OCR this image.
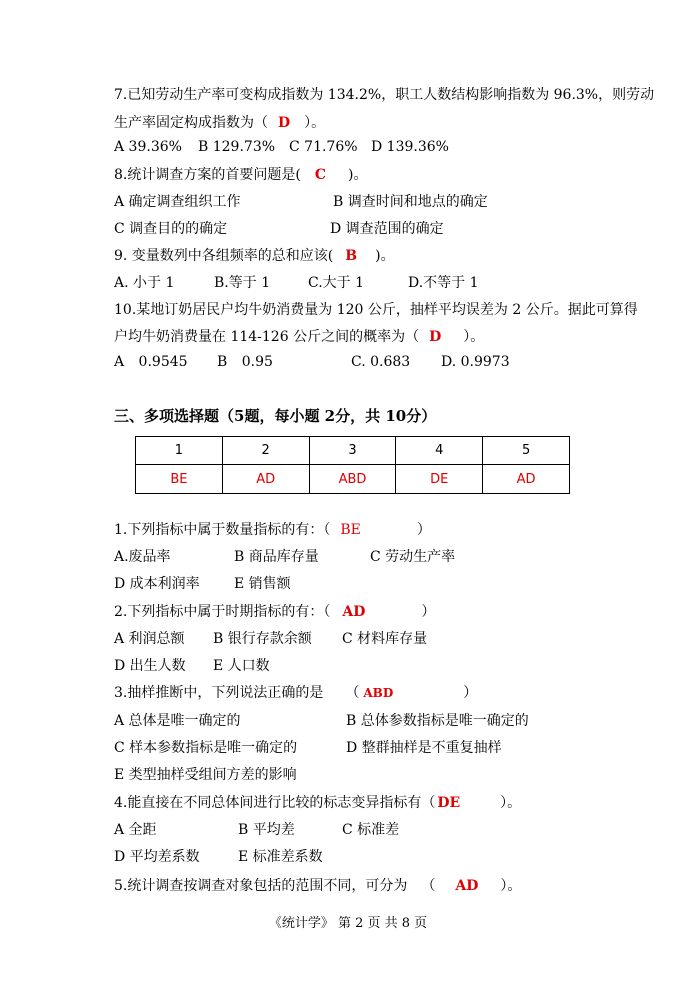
7.已知劳动生产率可变构成指数为 134.2%，职工人数结构影响指数为 96.3%，则劳动
生产率固定构成指数为（ D ）。
A 39.36% B 129.73% C 71.76% D 139.36%
8.统计调查方案的首要问题是( C )。
A 确定调查组织工作	B 调查时间和地点的确定
C 调查目的的确定	D 调查范围的确定
9. 变量数列中各组频率的总和应该( B )。
A. 小于 1	B.等于 1	C.大于 1	D.不等于 1
10.某地订奶居民户均牛奶消费量为 120 公斤，抽样平均误差为 2 公斤。据此可算得
户均牛奶消费量在 114-126 公斤之间的概率为（ D ）。
A 0.9545 B 0.95	C. 0.683 D. 0.9973
三、多项选择题（5题，每小题 2分，共 10分）
1	2	3	4	5
BE	AD	ABD	DE	AD
1.下列指标中属于数量指标的有：（ BE	）
A.废品率	B 商品库存量	C 劳动生产率
D 成本利润率 E 销售额
2.下列指标中属于时期指标的有：（ AD	）
A 利润总额 B 银行存款余额 C 材料库存量
D 出生人数 E 人口数
3.抽样推断中，下列说法正确的是 （ ABD	）
A 总体是唯一确定的	B 总体参数指标是唯一确定的
C 样本参数指标是唯一确定的	D 整群抽样是不重复抽样
E 类型抽样受组间方差的影响
4.能直接在不同总体间进行比较的标志变异指标有（ DE	）。
A 全距	B 平均差	C 标准差
D 平均差系数	E 标准差系数
5.统计调查按调查对象包括的范围不同，可分为 （ AD ）。
《统计学》 第 2 页 共 8 页
